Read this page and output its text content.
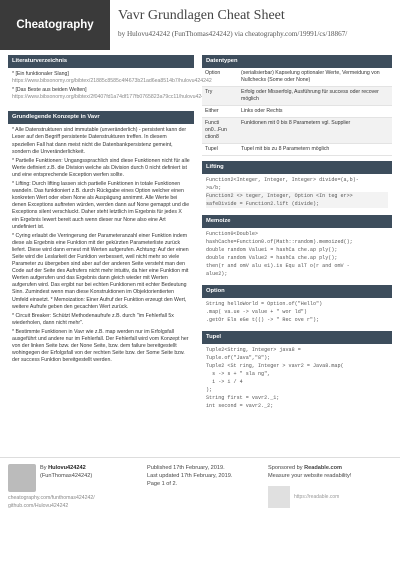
Cheatography
Vavr Grundlagen Cheat Sheet
by Hulovu424242 (FunThomas424242) via cheatography.com/19991/cs/18867/
Literaturverzeichnis

* [Ein funktionaler Slang] https://www.bibsonomy.org/bibtex/21885c8585c4f4673b21ad6ea8514b7/hulovu424242

* [Das Beste aus beiden Welten] https://www.bibsonomy.org/bibtex/2f0407fd1a74df177fb0765823a79cc11/hulovu424242

Grundlegende Konzepte in Vavr

* Alle Datenstrukturen sind immutable (unveränderlich) - persistent kann der Leser auf den Begriff persistente Datenstrukturen treffen. In diesem speziellen Fall hat dann meist nicht die Datenbankpersistenz gemeint, sondern die Unveränderlichkeit.

* Partielle Funktionen: Ungangssprachlich sind diese Funktionen nicht für alle Werte definiert z.B. die Division welche als Division durch 0 nicht definiert ist und eine entsprechende Exception werfen sollte.

* Lifting: Durch lifting lassen sich partielle Funktionen in totale Funktionen wandeln. Das funktioniert z.B. durch Rückgabe eines Option welcher einen konkreten Wert oder eben None als Auspägung annimmt. Alle Werte bei denen Exceptions auftreten würden, werden dann auf None gemappt und die Exceptions silent verschluckt. Daher steht letztlich im Ergebnis für jedes X ein Ergebnis Iewert bereit auch wenn dieser nur None also eine Art undefiniert ist.

* Cyring erlaubt die Verringerung der Parameteranzahl einer Funktion indem diese als Ergebnis eine Funktion mit der gekürzten Parameterliste zurück liefert. Diese wird dann erneut mit Werten aufgerufen. Achtung: Auf der einen Seite wird die Leslarkeit der Funktion verbessert, weil nicht mehr so viele Parameter zu übergeben sind aber auf der anderen Seite versteht man den Code auf der Seite des Aufrufers nicht mehr intuitiv, da hier eine Funktion mit Werten aufgerufen und das Ergebnis dann gleich wieder mit Werten aufgerufen wird. Das ergibt nur bei echten Funktionen mit echter Bedeutung Sinn. Zumindest wenn man diese Konstruktionen im Objektorientierten Umfeld einsetzt. * Memoization: Einer Aufruf der Funktion erzeugt den Wert, weitere Aufrufe geben den gecachten Wert zurück.

* Circuit Breaker: Schützt Methodenaufrufe z.B. durch "im Fehlerfall 5x wiederholen, dann nicht mehr".

* Bestimmte Funktionen in Vavr wie z.B. map werden nur im Erfolgsfall ausgeführt und andere nur im Fehlerfall. Der Fehlerfall wird vom Konzept her von der linken Seite bzw. der None Seite, bzw. dem failure bereitgestellt wohingegen der Erfolgsfall von der rechten Seite bzw. der Some Seite bzw. der success Funktion bereitgestellt werden.

Datentypen
Option	(serialisierbar) Kapselung optionaler Werte, Vermeidung von Nullchecks (Some oder None)
Try	Erfolg oder Misserfolg, Ausführung für success oder recover möglich
Either	Links oder Rechts
Functi on0...Fun ction8	Funktionen mit 0 bis 8 Parametern vgl. Supplier
Tupel	Tupel mit bis zu 8 Parametern möglich
Lifting
Function2<Integer, Integer, Integer> divide=(a,b)-
>a/b;
Function2 <> teger, Integer, Option <In teg er>>
safeDivide = Function2.lift (divide);
Memoize
Function0<Double>
hashCache=Function0.of(Math::random).memoized();
double random Value1 = hashCa che.ap ply();
double random Value2 = hashCa che.ap ply();
then(r and omV alu e1).is Equ alT o(r and omV -
alue2);
Option
String helloWorld = Option.of("Hello")
.map( va.ue -> value + " wor ld")
.getOr Els eGe t(() -> " Rec ove r");
Tupel
Tuple2<String, Integer> java8 =
Tuple.of("Java","8");
Tuple2 <St ring, Integer > vavr2 = Java8.map(
s -> s + " sla ng",
i -> i / 4
);
String first = vavr2._1;
int second = vavr2._2;
By Hulovu424242
(FunThomas424242)
cheatography.com/funthomas424242/
github.com/Hulovu424242
Published 17th February, 2019.
Last updated 17th February, 2019.
Page 1 of 2.
Sponsored by Readable.com
Measure your website readability!
https://readable.com
